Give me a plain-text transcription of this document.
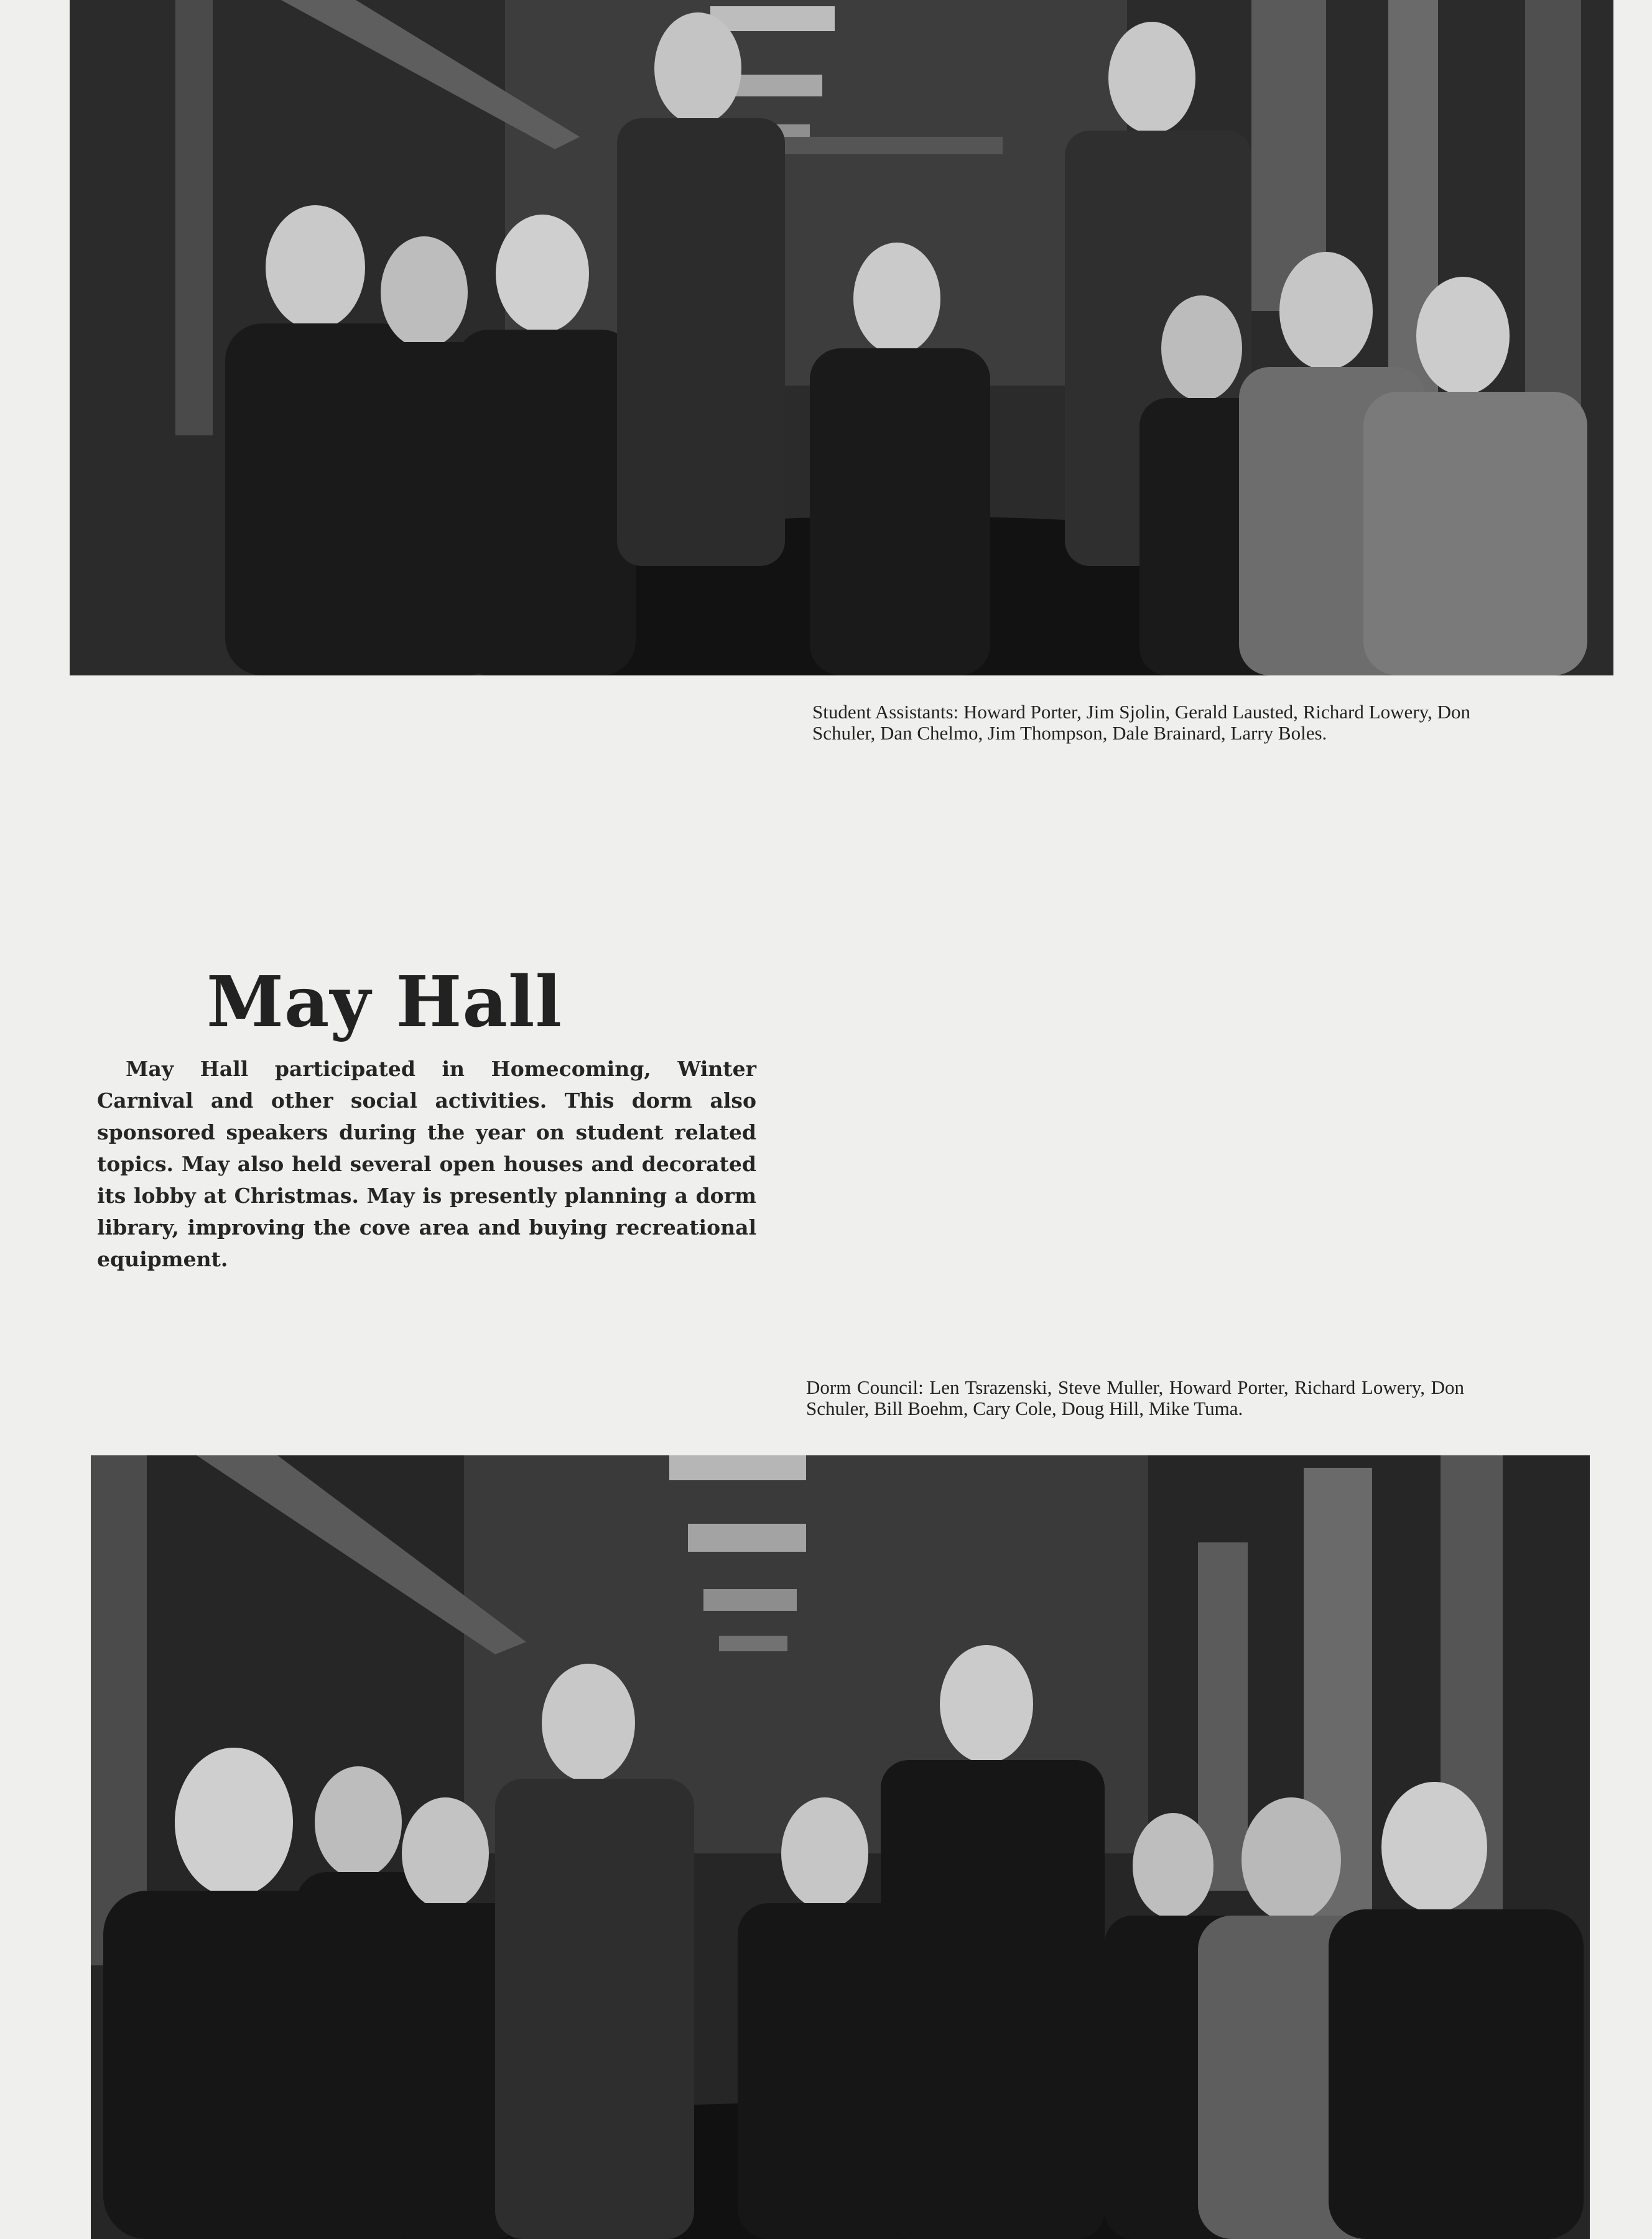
Student Assistants: Howard Porter, Jim Sjolin, Gerald Lausted, Richard Lowery, Don Schuler, Dan Chelmo, Jim Thompson, Dale Brainard, Larry Boles.
May Hall

May Hall participated in Homecoming, Winter Carnival and other social activities. This dorm also sponsored speakers during the year on student related topics. May also held several open houses and decorated its lobby at Christmas. May is presently planning a dorm library, improving the cove area and buying recreational equipment.

Dorm Council: Len Tsrazenski, Steve Muller, Howard Porter, Richard Lowery, Don Schuler, Bill Boehm, Cary Cole, Doug Hill, Mike Tuma.
